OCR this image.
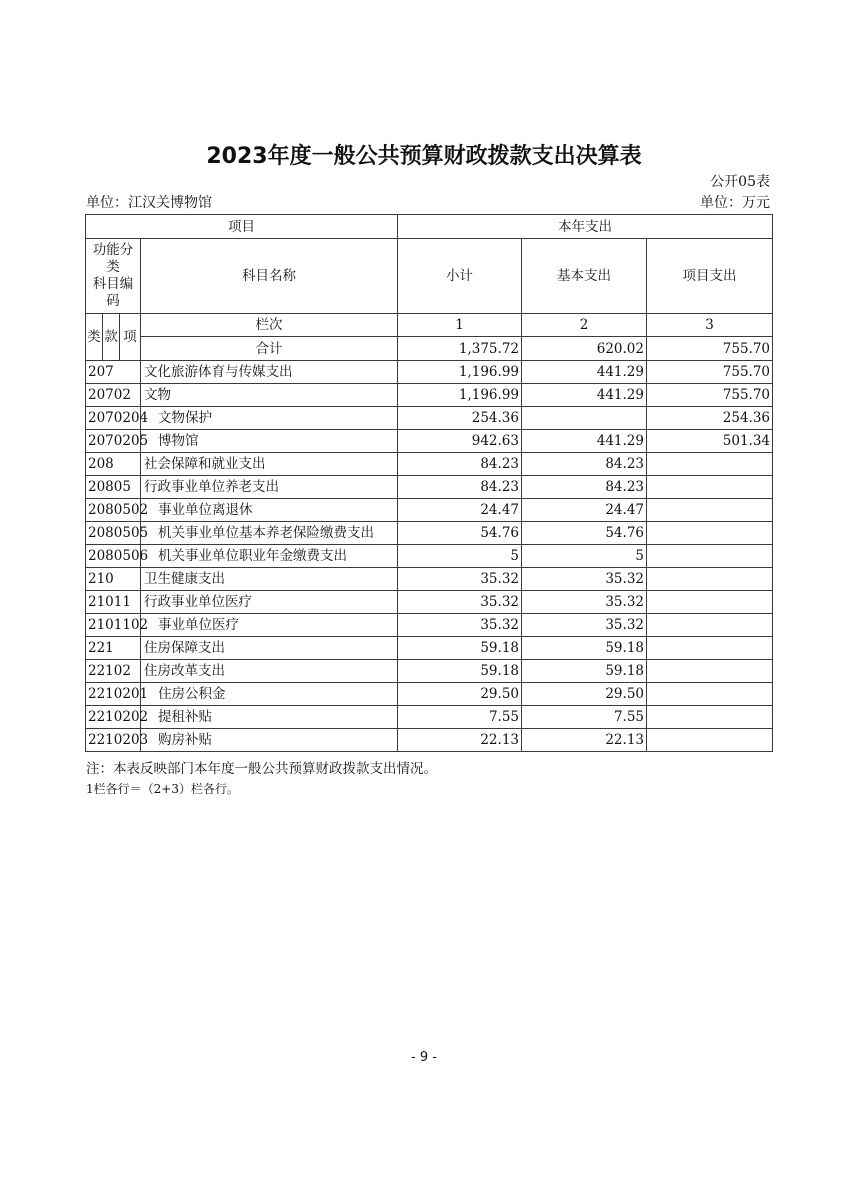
2023年度一般公共预算财政拨款支出决算表
公开05表
单位：江汉关博物馆	单位：万元
项目				本年支出		

功能分类
科目编码			科目名称	小计	基本支出	项目支出
类	款	项	栏次	1	2	3
			合计	1,375.72	620.02	755.70
207			文化旅游体育与传媒支出	1,196.99	441.29	755.70
20702			文物	1,196.99	441.29	755.70
2070204			文物保护	254.36		254.36
2070205			博物馆	942.63	441.29	501.34
208			社会保障和就业支出	84.23	84.23	
20805			行政事业单位养老支出	84.23	84.23	
2080502			事业单位离退休	24.47	24.47	
2080505			机关事业单位基本养老保险缴费支出	54.76	54.76	
2080506			机关事业单位职业年金缴费支出	5	5	
210			卫生健康支出	35.32	35.32	
21011			行政事业单位医疗	35.32	35.32	
2101102			事业单位医疗	35.32	35.32	
221			住房保障支出	59.18	59.18	
22102			住房改革支出	59.18	59.18	
2210201			住房公积金	29.50	29.50	
2210202			提租补贴	7.55	7.55	
2210203			购房补贴	22.13	22.13	
注：本表反映部门本年度一般公共预算财政拨款支出情况。
1栏各行＝（2+3）栏各行。
- 9 -
